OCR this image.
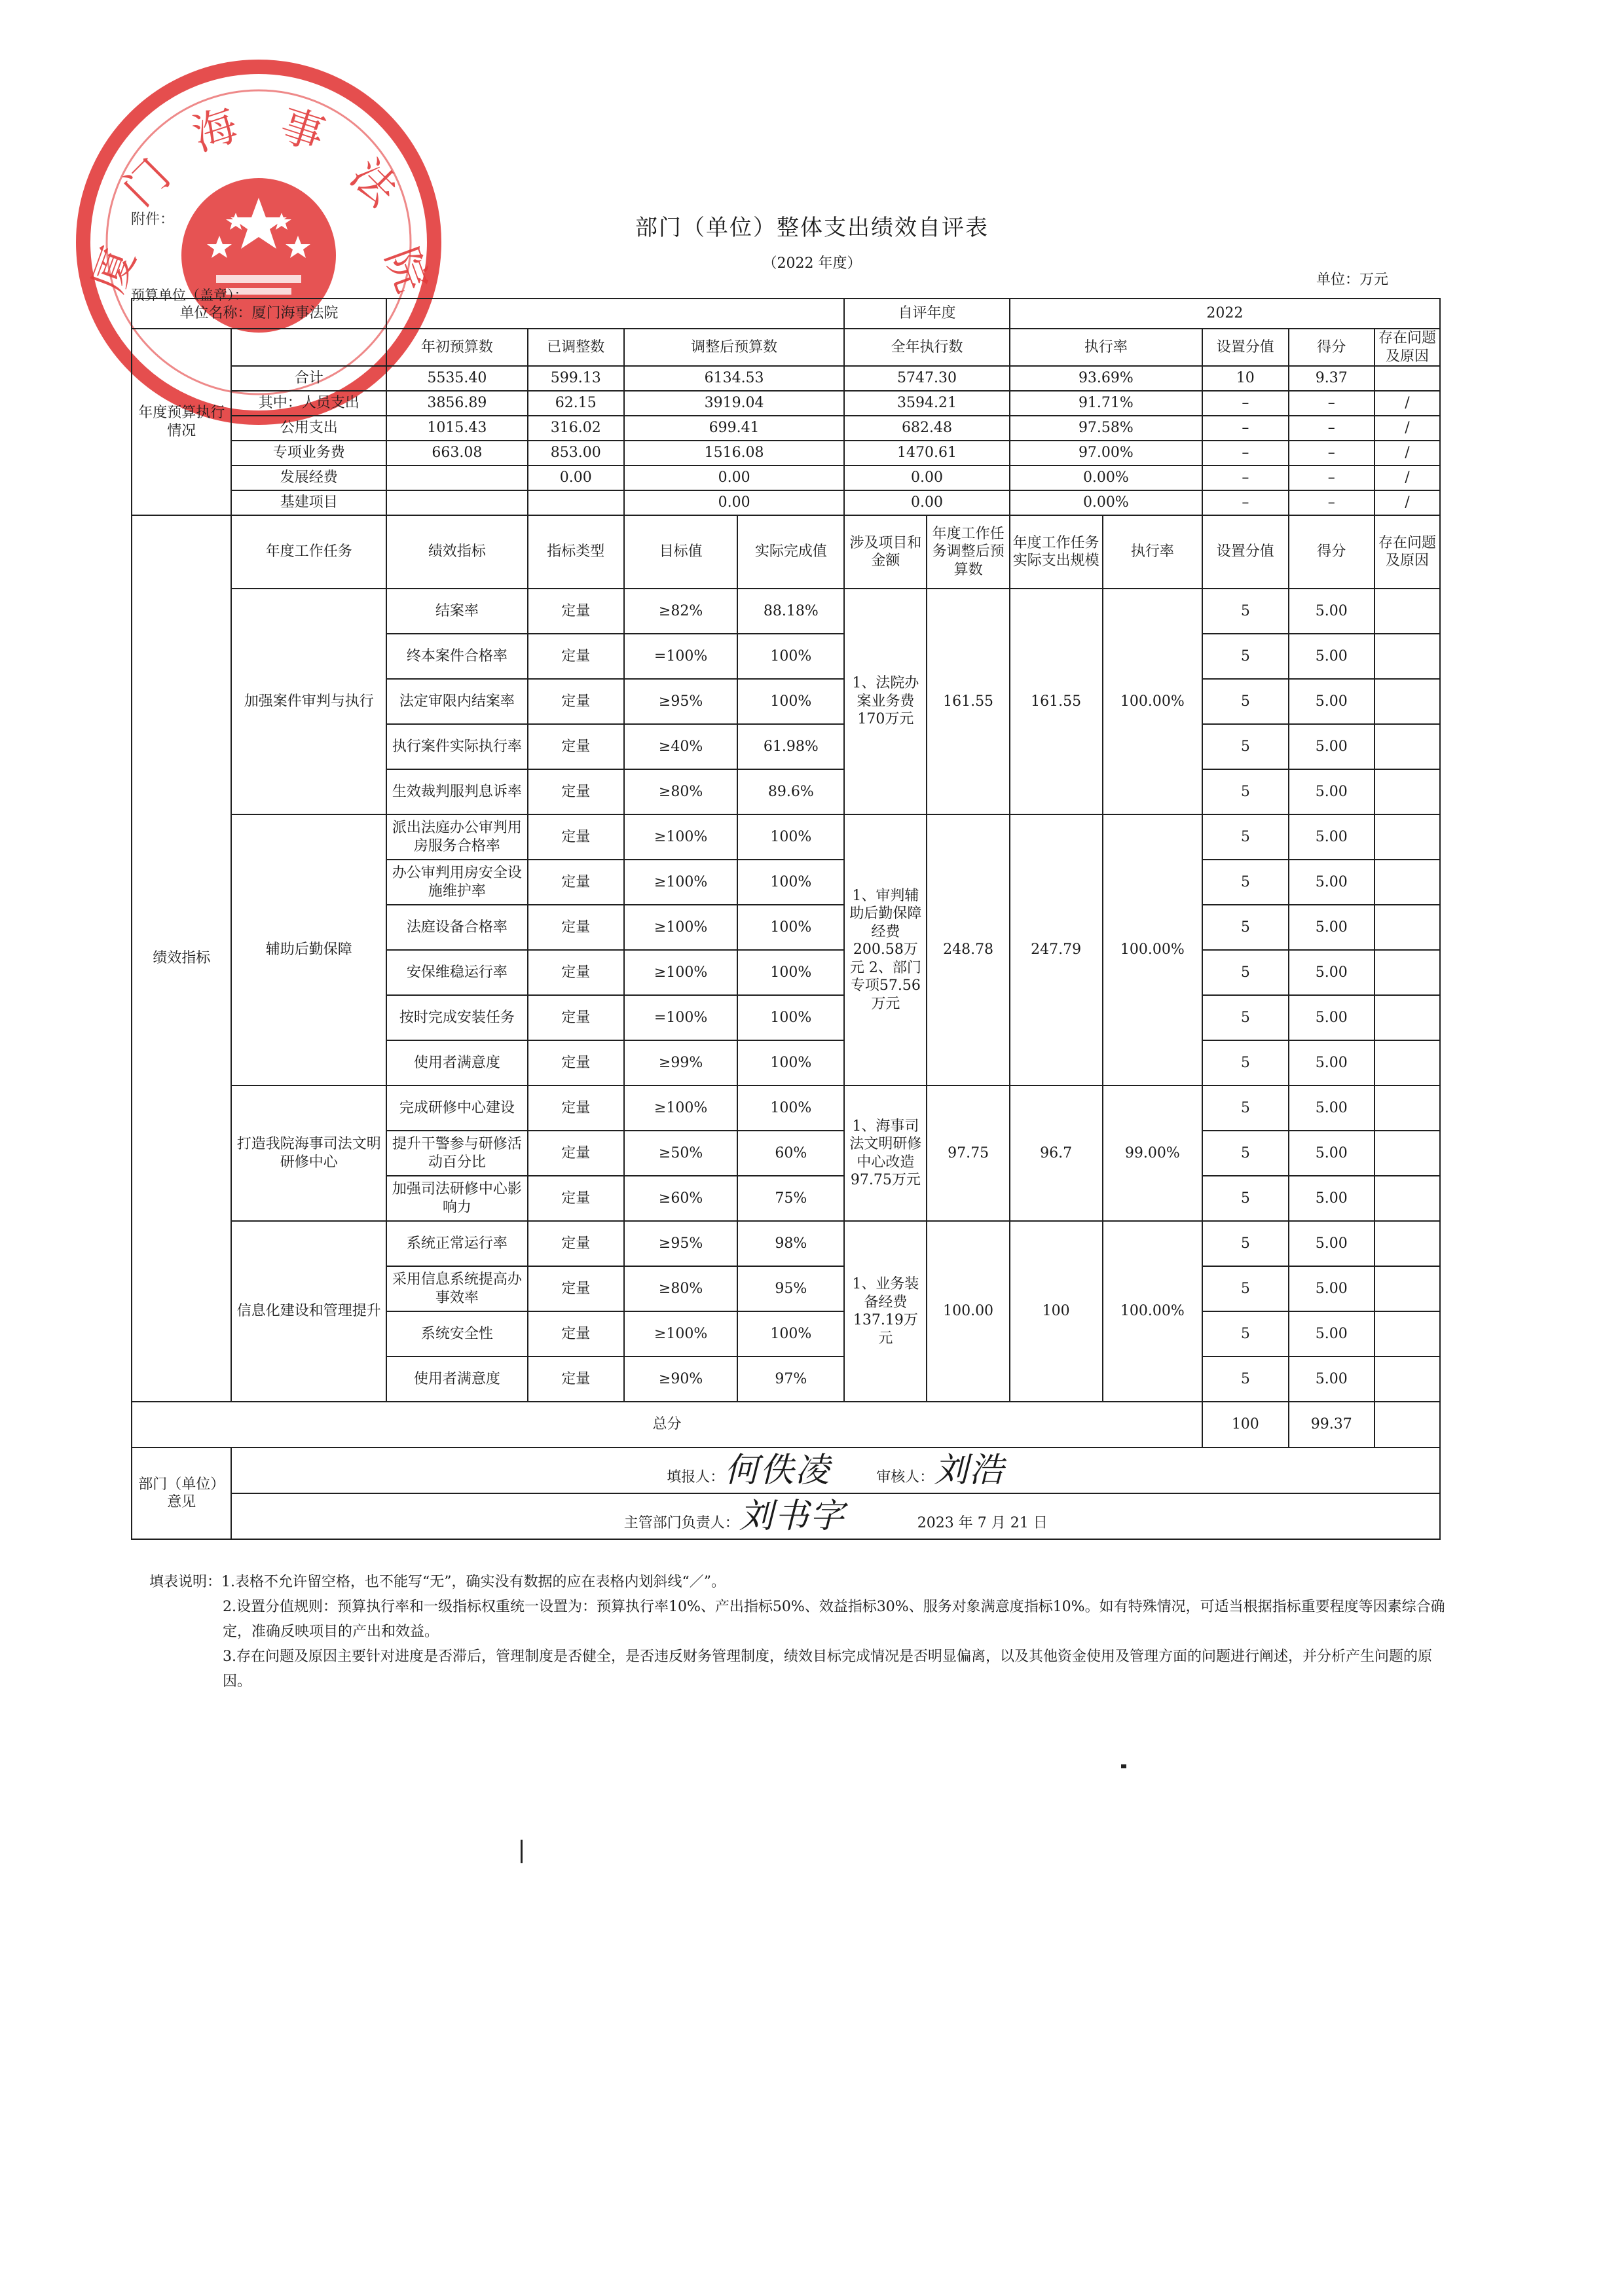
厦
门
海 事
法
院
附件：	部门（单位）整体支出绩效自评表
（2022 年度）
单位：万元
预算单位（盖章）：
单位名称：厦门海事法院						自评年度		2022				
年度预算执行情况		年初预算数	已调整数	调整后预算数		全年执行数		执行率		设置分值	得分	存在问题及原因
	合计	5535.40	599.13	6134.53		5747.30		93.69%		10	9.37	
	其中：人员支出	3856.89	62.15	3919.04		3594.21		91.71%		–	–	/
	公用支出	1015.43	316.02	699.41		682.48		97.58%		–	–	/
	专项业务费	663.08	853.00	1516.08		1470.61		97.00%		–	–	/
	发展经费		0.00	0.00		0.00		0.00%		–	–	/
	基建项目			0.00		0.00		0.00%		–	–	/
绩效指标	年度工作任务	绩效指标	指标类型	目标值	实际完成值	涉及项目和金额	年度工作任务调整后预算数	年度工作任务实际支出规模	执行率	设置分值	得分	存在问题及原因
	加强案件审判与执行	结案率	定量	≥82%	88.18%	1、法院办案业务费 170万元	161.55	161.55	100.00%	5	5.00	
		终本案件合格率	定量	=100%	100%					5	5.00	
		法定审限内结案率	定量	≥95%	100%					5	5.00	
		执行案件实际执行率	定量	≥40%	61.98%					5	5.00	
		生效裁判服判息诉率	定量	≥80%	89.6%					5	5.00	
	辅助后勤保障	派出法庭办公审判用房服务合格率	定量	≥100%	100%	1、审判辅助后勤保障经费200.58万元 2、部门专项57.56万元	248.78	247.79	100.00%	5	5.00	
		办公审判用房安全设施维护率	定量	≥100%	100%					5	5.00	
		法庭设备合格率	定量	≥100%	100%					5	5.00	
		安保维稳运行率	定量	≥100%	100%					5	5.00	
		按时完成安装任务	定量	=100%	100%					5	5.00	
		使用者满意度	定量	≥99%	100%					5	5.00	
	打造我院海事司法文明研修中心	完成研修中心建设	定量	≥100%	100%	1、海事司法文明研修中心改造97.75万元	97.75	96.7	99.00%	5	5.00	
		提升干警参与研修活动百分比	定量	≥50%	60%					5	5.00	
		加强司法研修中心影响力	定量	≥60%	75%					5	5.00	
	信息化建设和管理提升	系统正常运行率	定量	≥95%	98%	1、业务装备经费137.19万元	100.00	100	100.00%	5	5.00	
		采用信息系统提高办事效率	定量	≥80%	95%					5	5.00	
		系统安全性	定量	≥100%	100%					5	5.00	
		使用者满意度	定量	≥90%	97%					5	5.00	
总分										100	99.37	
部门（单位）意见	填报人：何佚凌 审核人：刘浩											
	主管部门负责人：刘书字 2023 年 7 月 21 日											

填表说明：1.表格不允许留空格，也不能写“无”，确实没有数据的应在表格内划斜线“／”。

2.设置分值规则：预算执行率和一级指标权重统一设置为：预算执行率10%、产出指标50%、效益指标30%、服务对象满意度指标10%。如有特殊情况，可适当根据指标重要程度等因素综合确定，准确反映项目的产出和效益。

3.存在问题及原因主要针对进度是否滞后，管理制度是否健全，是否违反财务管理制度，绩效目标完成情况是否明显偏离，以及其他资金使用及管理方面的问题进行阐述，并分析产生问题的原因。
